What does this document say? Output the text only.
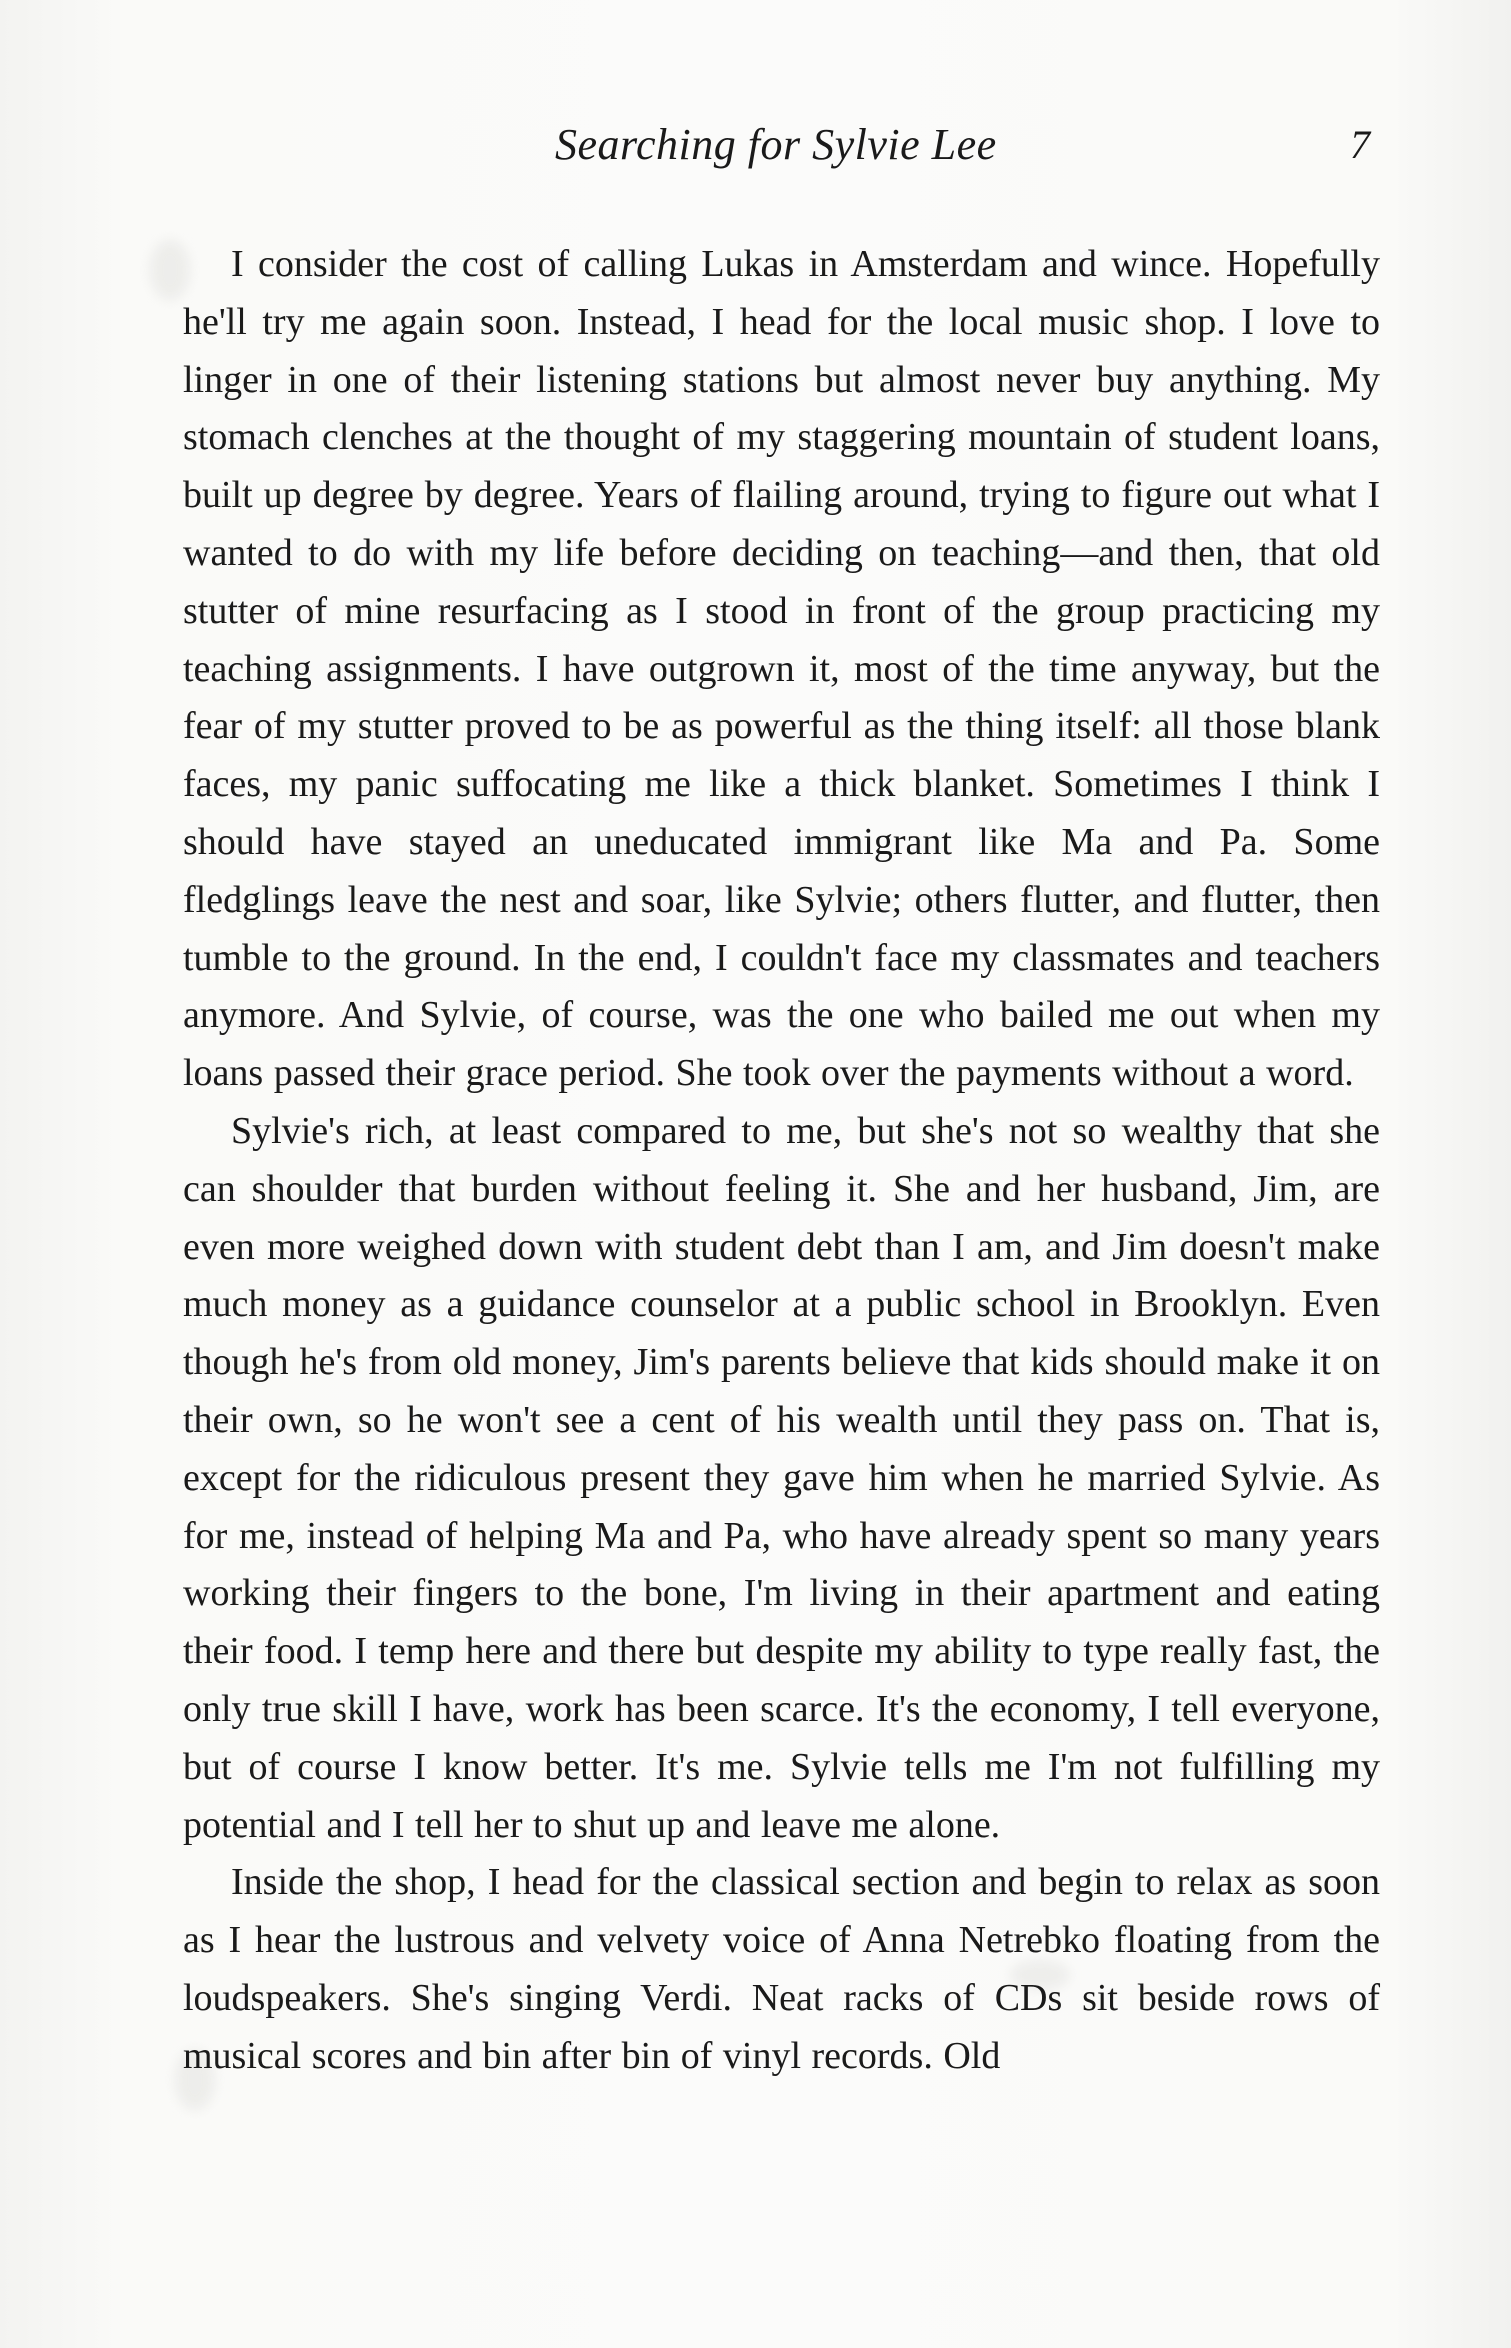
Searching for Sylvie Lee	7

I consider the cost of calling Lukas in Amsterdam and wince. Hopefully he'll try me again soon. Instead, I head for the local music shop. I love to linger in one of their listening stations but almost never buy anything. My stomach clenches at the thought of my staggering mountain of student loans, built up degree by degree. Years of flailing around, trying to figure out what I wanted to do with my life before deciding on teaching—and then, that old stutter of mine resurfacing as I stood in front of the group practicing my teaching assignments. I have outgrown it, most of the time anyway, but the fear of my stutter proved to be as powerful as the thing itself: all those blank faces, my panic suffocating me like a thick blanket. Sometimes I think I should have stayed an uneducated immigrant like Ma and Pa. Some fledglings leave the nest and soar, like Sylvie; others flutter, and flutter, then tumble to the ground. In the end, I couldn't face my classmates and teachers anymore. And Sylvie, of course, was the one who bailed me out when my loans passed their grace period. She took over the payments without a word.

Sylvie's rich, at least compared to me, but she's not so wealthy that she can shoulder that burden without feeling it. She and her husband, Jim, are even more weighed down with student debt than I am, and Jim doesn't make much money as a guidance counselor at a public school in Brooklyn. Even though he's from old money, Jim's parents believe that kids should make it on their own, so he won't see a cent of his wealth until they pass on. That is, except for the ridiculous present they gave him when he married Sylvie. As for me, instead of helping Ma and Pa, who have already spent so many years working their fingers to the bone, I'm living in their apartment and eating their food. I temp here and there but despite my ability to type really fast, the only true skill I have, work has been scarce. It's the economy, I tell everyone, but of course I know better. It's me. Sylvie tells me I'm not fulfilling my potential and I tell her to shut up and leave me alone.

Inside the shop, I head for the classical section and begin to relax as soon as I hear the lustrous and velvety voice of Anna Netrebko floating from the loudspeakers. She's singing Verdi. Neat racks of CDs sit beside rows of musical scores and bin after bin of vinyl records. Old
